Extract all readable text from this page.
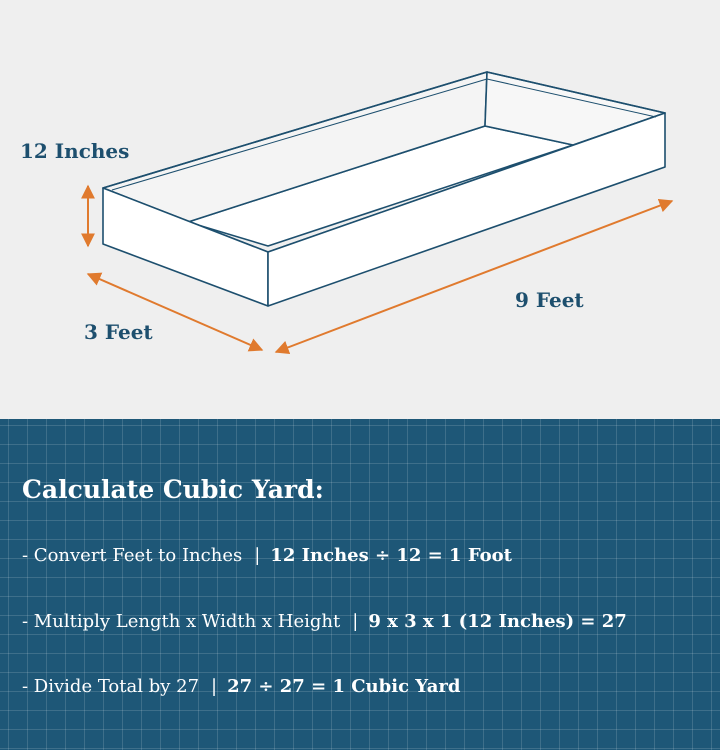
12 Inches
3 Feet
9 Feet
Calculate Cubic Yard:
- Convert Feet to Inches | 12 Inches ÷ 12 = 1 Foot
- Multiply Length x Width x Height | 9 x 3 x 1 (12 Inches) = 27
- Divide Total by 27 | 27 ÷ 27 = 1 Cubic Yard
